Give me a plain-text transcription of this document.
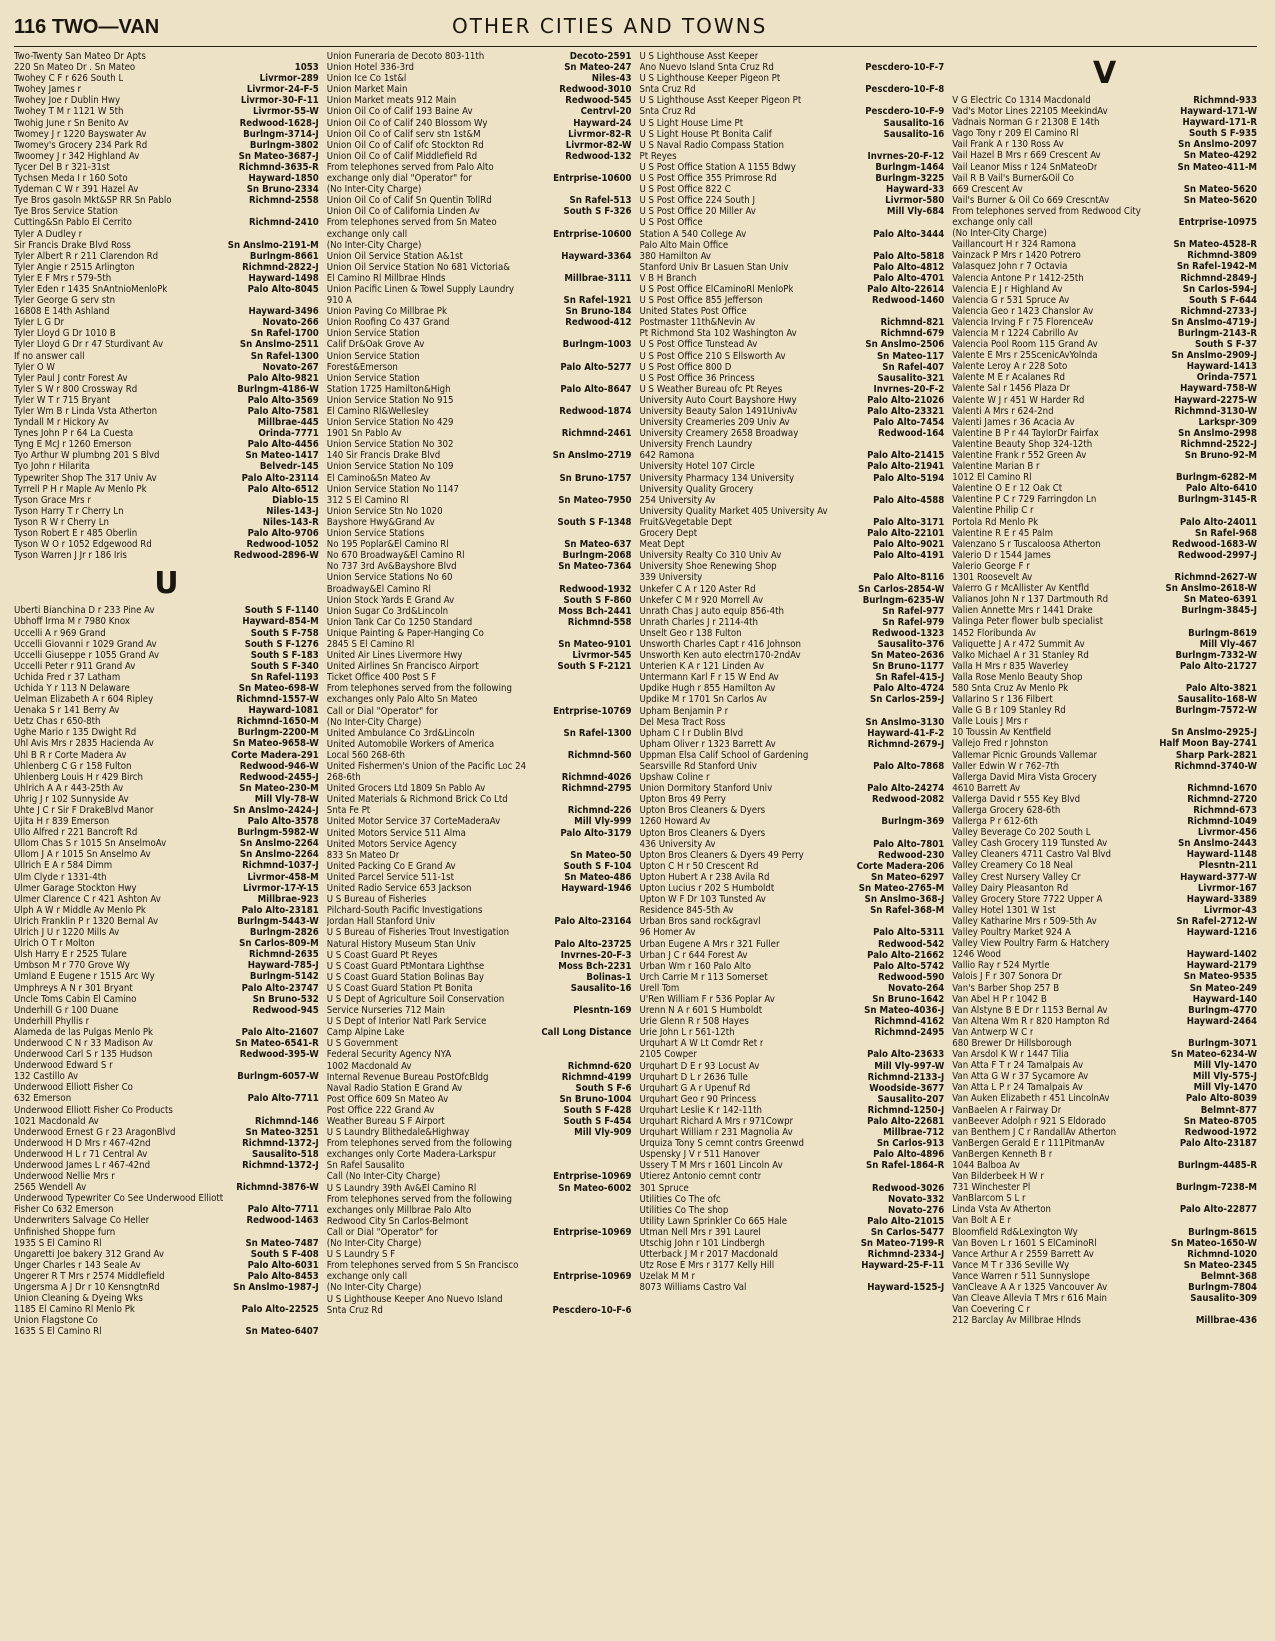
116 TWO—VAN	OTHER CITIES AND TOWNS
Two-Twenty San Mateo Dr Apts
220 Sn Mateo Dr . Sn Mateo	1053
Twohey C F r 626 South L	Livrmor-289
Twohey James r	Livrmor-24-F-5
Twohey Joe r Dublin Hwy	Livrmor-30-F-11
Twohey T M r 1121 W 5th	Livrmor-55-W
Twohig June r Sn Benito Av	Redwood-1628-J
Twomey J r 1220 Bayswater Av	Burlngm-3714-J
Twomey's Grocery 234 Park Rd	Burlngm-3802
Twoomey J r 342 Highland Av	Sn Mateo-3687-J
Tycer Del B r 321-31st	Richmnd-3635-R
Tychsen Meda I r 160 Soto	Hayward-1850
Tydeman C W r 391 Hazel Av	Sn Bruno-2334
Tye Bros gasoln Mkt&SP RR Sn Pablo	Richmnd-2558
Tye Bros Service Station
Cutting&Sn Pablo El Cerrito	Richmnd-2410
Tyler A Dudley r
Sir Francis Drake Blvd Ross	Sn Anslmo-2191-M
Tyler Albert R r 211 Clarendon Rd	Burlngm-8661
Tyler Angie r 2515 Arlington	Richmnd-2822-J
Tyler E F Mrs r 579-5th	Hayward-1498
Tyler Eden r 1435 SnAntnioMenloPk	Palo Alto-8045
Tyler George G serv stn
16808 E 14th Ashland	Hayward-3496
Tyler L G Dr	Novato-266
Tyler Lloyd G Dr 1010 B	Sn Rafel-1700
Tyler Lloyd G Dr r 47 Sturdivant Av	Sn Anslmo-2511
If no answer call	Sn Rafel-1300
Tyler O W	Novato-267
Tyler Paul J contr Forest Av	Palo Alto-9821
Tyler S W r 800 Crossway Rd	Burlngm-4186-W
Tyler W T r 715 Bryant	Palo Alto-3569
Tyler Wm B r Linda Vsta Atherton	Palo Alto-7581
Tyndall M r Hickory Av	Millbrae-445
Tynes John P r 64 La Cuesta	Orinda-7771
Tyng E McJ r 1260 Emerson	Palo Alto-4456
Tyo Arthur W plumbng 201 S Blvd	Sn Mateo-1417
Tyo John r Hilarita	Belvedr-145
Typewriter Shop The 317 Univ Av	Palo Alto-23114
Tyrrell P H r Maple Av Menlo Pk	Palo Alto-6512
Tyson Grace Mrs r	Diablo-15
Tyson Harry T r Cherry Ln	Niles-143-J
Tyson R W r Cherry Ln	Niles-143-R
Tyson Robert E r 485 Oberlin	Palo Alto-9706
Tyson W O r 1052 Edgewood Rd	Redwood-1052
Tyson Warren J Jr r 186 Iris	Redwood-2896-W
U
Uberti Bianchina D r 233 Pine Av	South S F-1140
Ubhoff Irma M r 7980 Knox	Hayward-854-M
Uccelli A r 969 Grand	South S F-758
Uccelli Giovanni r 1029 Grand Av	South S F-1276
Uccelli Giuseppe r 1055 Grand Av	South S F-183
Uccelli Peter r 911 Grand Av	South S F-340
Uchida Fred r 37 Latham	Sn Rafel-1193
Uchida Y r 113 N Delaware	Sn Mateo-698-W
Uelman Elizabeth A r 604 Ripley	Richmnd-1557-W
Uenaka S r 141 Berry Av	Hayward-1081
Uetz Chas r 650-8th	Richmnd-1650-M
Ughe Mario r 135 Dwight Rd	Burlngm-2200-M
Uhl Avis Mrs r 2835 Hacienda Av	Sn Mateo-9658-W
Uhl B R r Corte Madera Av	Corte Madera-291
Uhlenberg C G r 158 Fulton	Redwood-946-W
Uhlenberg Louis H r 429 Birch	Redwood-2455-J
Uhlrich A A r 443-25th Av	Sn Mateo-230-M
Uhrig J r 102 Sunnyside Av	Mill Vly-78-W
Uhte J C r Sir F DrakeBlvd Manor	Sn Anslmo-2424-J
Ujita H r 839 Emerson	Palo Alto-3578
Ullo Alfred r 221 Bancroft Rd	Burlngm-5982-W
Ullom Chas S r 1015 Sn AnselmoAv	Sn Anslmo-2264
Ullom J A r 1015 Sn Anselmo Av	Sn Anslmo-2264
Ullrich E A r 584 Dimm	Richmnd-1037-J
Ulm Clyde r 1331-4th	Livrmor-458-M
Ulmer Garage Stockton Hwy	Livrmor-17-Y-15
Ulmer Clarence C r 421 Ashton Av	Millbrae-923
Ulph A W r Middle Av Menlo Pk	Palo Alto-23181
Ulrich Franklin P r 1320 Bernal Av	Burlngm-5443-W
Ulrich J U r 1220 Mills Av	Burlngm-2826
Ulrich O T r Molton	Sn Carlos-809-M
Ulsh Harry E r 2525 Tulare	Richmnd-2635
Umbson M r 770 Grove Wy	Hayward-785-J
Umland E Eugene r 1515 Arc Wy	Burlngm-5142
Umphreys A N r 301 Bryant	Palo Alto-23747
Uncle Toms Cabin El Camino	Sn Bruno-532
Underhill G r 100 Duane	Redwood-945
Underhill Phyllis r
Alameda de las Pulgas Menlo Pk	Palo Alto-21607
Underwood C N r 33 Madison Av	Sn Mateo-6541-R
Underwood Carl S r 135 Hudson	Redwood-395-W
Underwood Edward S r
132 Castillo Av	Burlngm-6057-W
Underwood Elliott Fisher Co
632 Emerson	Palo Alto-7711
Underwood Elliott Fisher Co Products
1021 Macdonald Av	Richmnd-146
Underwood Ernest G r 23 AragonBlvd	Sn Mateo-3251
Underwood H D Mrs r 467-42nd	Richmnd-1372-J
Underwood H L r 71 Central Av	Sausalito-518
Underwood James L r 467-42nd	Richmnd-1372-J
Underwood Nellie Mrs r
2565 Wendell Av	Richmnd-3876-W
Underwood Typewriter Co See Underwood Elliott
Fisher Co 632 Emerson	Palo Alto-7711
Underwriters Salvage Co Heller	Redwood-1463
Unfinished Shoppe furn
1935 S El Camino Rl	Sn Mateo-7487
Ungaretti Joe bakery 312 Grand Av	South S F-408
Unger Charles r 143 Seale Av	Palo Alto-6031
Ungerer R T Mrs r 2574 Middlefield	Palo Alto-8453
Ungersma A J Dr r 10 KensngtnRd	Sn Anslmo-1987-J
Union Cleaning & Dyeing Wks
1185 El Camino Rl Menlo Pk	Palo Alto-22525
Union Flagstone Co
1635 S El Camino Rl	Sn Mateo-6407
Union Funeraria de Decoto 803-11th	Decoto-2591
Union Hotel 336-3rd	Sn Mateo-247
Union Ice Co 1st&l	Niles-43
Union Market Main	Redwood-3010
Union Market meats 912 Main	Redwood-545
Union Oil Co of Calif 193 Baine Av	Centrvl-20
Union Oil Co of Calif 240 Blossom Wy	Hayward-24
Union Oil Co of Calif serv stn 1st&M	Livrmor-82-R
Union Oil Co of Calif ofc Stockton Rd	Livrmor-82-W
Union Oil Co of Calif Middlefield Rd	Redwood-132
From telephones served from Palo Alto
exchange only dial "Operator" for	Entrprise-10600
(No Inter-City Charge)
Union Oil Co of Calif Sn Quentin TollRd	Sn Rafel-513
Union Oil Co of California Linden Av	South S F-326
From telephones served from Sn Mateo
exchange only call	Entrprise-10600
(No Inter-City Charge)
Union Oil Service Station A&1st	Hayward-3364
Union Oil Service Station No 681 Victoria&
El Camino Rl Millbrae Hlnds	Millbrae-3111
Union Pacific Linen & Towel Supply Laundry
910 A	Sn Rafel-1921
Union Paving Co Millbrae Pk	Sn Bruno-184
Union Roofing Co 437 Grand	Redwood-412
Union Service Station
Calif Dr&Oak Grove Av	Burlngm-1003
Union Service Station
Forest&Emerson	Palo Alto-5277
Union Service Station
Station 1725 Hamilton&High	Palo Alto-8647
Union Service Station No 915
El Camino Rl&Wellesley	Redwood-1874
Union Service Station No 429
1901 Sn Pablo Av	Richmnd-2461
Union Service Station No 302
140 Sir Francis Drake Blvd	Sn Anslmo-2719
Union Service Station No 109
El Camino&Sn Mateo Av	Sn Bruno-1757
Union Service Station No 1147
312 S El Camino Rl	Sn Mateo-7950
Union Service Stn No 1020
Bayshore Hwy&Grand Av	South S F-1348
Union Service Stations
No 195 Poplar&El Camino Rl	Sn Mateo-637
No 670 Broadway&El Camino Rl	Burlngm-2068
No 737 3rd Av&Bayshore Blvd	Sn Mateo-7364
Union Service Stations No 60
Broadway&El Camino Rl	Redwood-1932
Union Stock Yards E Grand Av	South S F-860
Union Sugar Co 3rd&Lincoln	Moss Bch-2441
Union Tank Car Co 1250 Standard	Richmnd-558
Unique Painting & Paper-Hanging Co
2845 S El Camino Rl	Sn Mateo-9101
United Air Lines Livermore Hwy	Livrmor-545
United Airlines Sn Francisco Airport	South S F-2121
Ticket Office 400 Post S F
From telephones served from the following
exchanges only Palo Alto Sn Mateo
Call or Dial "Operator" for	Entrprise-10769
(No Inter-City Charge)
United Ambulance Co 3rd&Lincoln	Sn Rafel-1300
United Automobile Workers of America
Local 560 268-6th	Richmnd-560
United Fishermen's Union of the Pacific Loc 24
268-6th	Richmnd-4026
United Grocers Ltd 1809 Sn Pablo Av	Richmnd-2795
United Materials & Richmond Brick Co Ltd
Snta Fe Pt	Richmnd-226
United Motor Service 37 CorteMaderaAv	Mill Vly-999
United Motors Service 511 Alma	Palo Alto-3179
United Motors Service Agency
833 Sn Mateo Dr	Sn Mateo-50
United Packing Co E Grand Av	South S F-104
United Parcel Service 511-1st	Sn Mateo-486
United Radio Service 653 Jackson	Hayward-1946
U S Bureau of Fisheries
Pilchard-South Pacific Investigations
Jordan Hall Stanford Univ	Palo Alto-23164
U S Bureau of Fisheries Trout Investigation
Natural History Museum Stan Univ	Palo Alto-23725
U S Coast Guard Pt Reyes	Invrnes-20-F-3
U S Coast Guard PtMontara Lighthse	Moss Bch-2231
U S Coast Guard Station Bolinas Bay	Bolinas-1
U S Coast Guard Station Pt Bonita	Sausalito-16
U S Dept of Agriculture Soil Conservation
Service Nurseries 712 Main	Plesntn-169
U S Dept of Interior Natl Park Service
Camp Alpine Lake	Call Long Distance
U S Government
Federal Security Agency NYA
1002 Macdonald Av	Richmnd-620
Internal Revenue Bureau PostOfcBldg	Richmnd-4199
Naval Radio Station E Grand Av	South S F-6
Post Office 609 Sn Mateo Av	Sn Bruno-1004
Post Office 222 Grand Av	South S F-428
Weather Bureau S F Airport	South S F-454
U S Laundry Blithedale&Highway	Mill Vly-909
From telephones served from the following
exchanges only Corte Madera-Larkspur
Sn Rafel Sausalito
Call (No Inter-City Charge)	Entrprise-10969
U S Laundry 39th Av&El Camino Rl	Sn Mateo-6002
From telephones served from the following
exchanges only Millbrae Palo Alto
Redwood City Sn Carlos-Belmont
Call or Dial "Operator" for	Entrprise-10969
(No Inter-City Charge)
U S Laundry S F
From telephones served from S Sn Francisco
exchange only call	Entrprise-10969
(No Inter-City Charge)
U S Lighthouse Keeper Ano Nuevo Island
Snta Cruz Rd	Pescdero-10-F-6
U S Lighthouse Asst Keeper
Ano Nuevo Island Snta Cruz Rd	Pescdero-10-F-7
U S Lighthouse Keeper Pigeon Pt
Snta Cruz Rd	Pescdero-10-F-8
U S Lighthouse Asst Keeper Pigeon Pt
Snta Cruz Rd	Pescdero-10-F-9
U S Light House Lime Pt	Sausalito-16
U S Light House Pt Bonita Calif	Sausalito-16
U S Naval Radio Compass Station
Pt Reyes	Invrnes-20-F-12
U S Post Office Station A 1155 Bdwy	Burlngm-1464
U S Post Office 355 Primrose Rd	Burlngm-3225
U S Post Office 822 C	Hayward-33
U S Post Office 224 South J	Livrmor-580
U S Post Office 20 Miller Av	Mill Vly-684
U S Post Office
Station A 540 College Av	Palo Alto-3444
Palo Alto Main Office
380 Hamilton Av	Palo Alto-5818
Stanford Univ Br Lasuen Stan Univ	Palo Alto-4812
V B H Branch	Palo Alto-4701
U S Post Office ElCaminoRl MenloPk	Palo Alto-22614
U S Post Office 855 Jefferson	Redwood-1460
United States Post Office
Postmaster 11th&Nevin Av	Richmnd-821
Pt Richmond Sta 102 Washington Av	Richmnd-679
U S Post Office Tunstead Av	Sn Anslmo-2506
U S Post Office 210 S Ellsworth Av	Sn Mateo-117
U S Post Office 800 D	Sn Rafel-407
U S Post Office 36 Princess	Sausalito-321
U S Weather Bureau ofc Pt Reyes	Invrnes-20-F-2
University Auto Court Bayshore Hwy	Palo Alto-21026
University Beauty Salon 1491UnivAv	Palo Alto-23321
University Creameries 209 Univ Av	Palo Alto-7454
University Creamery 2658 Broadway	Redwood-164
University French Laundry
642 Ramona	Palo Alto-21415
University Hotel 107 Circle	Palo Alto-21941
University Pharmacy 134 University	Palo Alto-5194
University Quality Grocery
254 University Av	Palo Alto-4588
University Quality Market 405 University Av
Fruit&Vegetable Dept	Palo Alto-3171
Grocery Dept	Palo Alto-22101
Meat Dept	Palo Alto-9021
University Realty Co 310 Univ Av	Palo Alto-4191
University Shoe Renewing Shop
339 University	Palo Alto-8116
Unkefer C A r 120 Aster Rd	Sn Carlos-2854-W
Unkefer C M r 920 Morrell Av	Burlngm-6235-W
Unrath Chas J auto equip 856-4th	Sn Rafel-977
Unrath Charles J r 2114-4th	Sn Rafel-979
Unselt Geo r 138 Fulton	Redwood-1323
Unsworth Charles Capt r 416 Johnson	Sausalito-376
Unsworth Ken auto electrn170-2ndAv	Sn Mateo-2636
Unterien K A r 121 Linden Av	Sn Bruno-1177
Untermann Karl F r 15 W End Av	Sn Rafel-415-J
Updike Hugh r 855 Hamilton Av	Palo Alto-4724
Updike M r 1701 Sn Carlos Av	Sn Carlos-259-J
Upham Benjamin P r
Del Mesa Tract Ross	Sn Anslmo-3130
Upham C I r Dublin Blvd	Hayward-41-F-2
Upham Oliver r 1323 Barrett Av	Richmnd-2679-J
Uppman Elsa Calif School of Gardening
Searsville Rd Stanford Univ	Palo Alto-7868
Upshaw Coline r
Union Dormitory Stanford Univ	Palo Alto-24274
Upton Bros 49 Perry	Redwood-2082
Upton Bros Cleaners & Dyers
1260 Howard Av	Burlngm-369
Upton Bros Cleaners & Dyers
436 University Av	Palo Alto-7801
Upton Bros Cleaners & Dyers 49 Perry	Redwood-230
Upton C H r 50 Crescent Rd	Corte Madera-206
Upton Hubert A r 238 Avila Rd	Sn Mateo-6297
Upton Lucius r 202 S Humboldt	Sn Mateo-2765-M
Upton W F Dr 103 Tunsted Av	Sn Anslmo-368-J
Residence 845-5th Av	Sn Rafel-368-M
Urban Bros sand rock&gravl
96 Homer Av	Palo Alto-5311
Urban Eugene A Mrs r 321 Fuller	Redwood-542
Urban J C r 644 Forest Av	Palo Alto-21662
Urban Wm r 160 Palo Alto	Palo Alto-5742
Urch Carrie M r 113 Somerset	Redwood-590
Urell Tom	Novato-264
U'Ren William F r 536 Poplar Av	Sn Bruno-1642
Urenn N A r 601 S Humboldt	Sn Mateo-4036-J
Urie Glenn R r 508 Hayes	Richmnd-4162
Urie John L r 561-12th	Richmnd-2495
Urquhart A W Lt Comdr Ret r
2105 Cowper	Palo Alto-23633
Urquhart D E r 93 Locust Av	Mill Vly-997-W
Urquhart D L r 2636 Tulle	Richmnd-2133-J
Urquhart G A r Upenuf Rd	Woodside-3677
Urquhart Geo r 90 Princess	Sausalito-207
Urquhart Leslie K r 142-11th	Richmnd-1250-J
Urquhart Richard A Mrs r 971Cowpr	Palo Alto-22681
Urquhart William r 231 Magnolia Av	Millbrae-712
Urquiza Tony S cemnt contrs Greenwd	Sn Carlos-913
Uspensky J V r 511 Hanover	Palo Alto-4896
Ussery T M Mrs r 1601 Lincoln Av	Sn Rafel-1864-R
Utierez Antonio cemnt contr
301 Spruce	Redwood-3026
Utilities Co The ofc	Novato-332
Utilities Co The shop	Novato-276
Utility Lawn Sprinkler Co 665 Hale	Palo Alto-21015
Utman Nell Mrs r 391 Laurel	Sn Carlos-5477
Utschig John r 101 Lindbergh	Sn Mateo-7199-R
Utterback J M r 2017 Macdonald	Richmnd-2334-J
Utz Rose E Mrs r 3177 Kelly Hill	Hayward-25-F-11
Uzelak M M r
8073 Williams Castro Val	Hayward-1525-J
V
V G Electric Co 1314 Macdonald	Richmnd-933
Vad's Motor Lines 22105 MeekindAv	Hayward-171-W
Vadnais Norman G r 21308 E 14th	Hayward-171-R
Vago Tony r 209 El Camino Rl	South S F-935
Vail Frank A r 130 Ross Av	Sn Anslmo-2097
Vail Hazel B Mrs r 669 Crescent Av	Sn Mateo-4292
Vail Leanor Miss r 124 SnMateoDr	Sn Mateo-411-M
Vail R B Vail's Burner&Oil Co
669 Crescent Av	Sn Mateo-5620
Vail's Burner & Oil Co 669 CrescntAv	Sn Mateo-5620
From telephones served from Redwood City
exchange only call	Entrprise-10975
(No Inter-City Charge)
Vaillancourt H r 324 Ramona	Sn Mateo-4528-R
Vainzack P Mrs r 1420 Potrero	Richmnd-3809
Valasquez John r 7 Octavia	Sn Rafel-1942-M
Valencia Antone P r 1412-25th	Richmnd-2849-J
Valencia E J r Highland Av	Sn Carlos-594-J
Valencia G r 531 Spruce Av	South S F-644
Valencia Geo r 1423 Chanslor Av	Richmnd-2733-J
Valencia Irving F r 75 FlorenceAv	Sn Anslmo-4719-J
Valencia M r 1224 Cabrillo Av	Burlngm-2143-R
Valencia Pool Room 115 Grand Av	South S F-37
Valente E Mrs r 25ScenicAvYolnda	Sn Anslmo-2909-J
Valente Leroy A r 228 Soto	Hayward-1413
Valente M E r Acalanes Rd	Orinda-7571
Valente Sal r 1456 Plaza Dr	Hayward-758-W
Valente W J r 451 W Harder Rd	Hayward-2275-W
Valenti A Mrs r 624-2nd	Richmnd-3130-W
Valenti James r 36 Acacia Av	Larkspr-309
Valentine B P r 44 TaylorDr Fairfax	Sn Anslmo-2998
Valentine Beauty Shop 324-12th	Richmnd-2522-J
Valentine Frank r 552 Green Av	Sn Bruno-92-M
Valentine Marian B r
1012 El Camino Rl	Burlngm-6282-M
Valentine O E r 12 Oak Ct	Palo Alto-6410
Valentine P C r 729 Farringdon Ln	Burlngm-3145-R
Valentine Philip C r
Portola Rd Menlo Pk	Palo Alto-24011
Valentine R E r 45 Palm	Sn Rafel-968
Valenzano S r Tuscaloosa Atherton	Redwood-1683-W
Valerio D r 1544 James	Redwood-2997-J
Valerio George F r
1301 Roosevelt Av	Richmnd-2627-W
Valerro G r McAllister Av Kentfld	Sn Anslmo-2618-W
Valianos John N r 137 Dartmouth Rd	Sn Mateo-6391
Valien Annette Mrs r 1441 Drake	Burlngm-3845-J
Valinga Peter flower bulb specialist
1452 Floribunda Av	Burlngm-8619
Valiquette J A r 472 Summit Av	Mill Vly-467
Valko Michael A r 31 Stanley Rd	Burlngm-7332-W
Valla H Mrs r 835 Waverley	Palo Alto-21727
Valla Rose Menlo Beauty Shop
580 Snta Cruz Av Menlo Pk	Palo Alto-3821
Vallarino S r 136 Filbert	Sausalito-168-W
Valle G B r 109 Stanley Rd	Burlngm-7572-W
Valle Louis J Mrs r
10 Toussin Av Kentfield	Sn Anslmo-2925-J
Vallejo Fred r Johnston	Half Moon Bay-2741
Vallemar Picnic Grounds Vallemar	Sharp Park-2821
Valler Edwin W r 762-7th	Richmnd-3740-W
Vallerga David Mira Vista Grocery
4610 Barrett Av	Richmnd-1670
Vallerga David r 555 Key Blvd	Richmnd-2720
Vallerga Grocery 628-6th	Richmnd-673
Vallerga P r 612-6th	Richmnd-1049
Valley Beverage Co 202 South L	Livrmor-456
Valley Cash Grocery 119 Tunsted Av	Sn Anslmo-2443
Valley Cleaners 4711 Castro Val Blvd	Hayward-1148
Valley Creamery Co 18 Neal	Plesntn-211
Valley Crest Nursery Valley Cr	Hayward-377-W
Valley Dairy Pleasanton Rd	Livrmor-167
Valley Grocery Store 7722 Upper A	Hayward-3389
Valley Hotel 1301 W 1st	Livrmor-43
Valley Katharine Mrs r 509-5th Av	Sn Rafel-2712-W
Valley Poultry Market 924 A	Hayward-1216
Valley View Poultry Farm & Hatchery
1246 Wood	Hayward-1402
Vallio Ray r 524 Myrtle	Hayward-2179
Valois J F r 307 Sonora Dr	Sn Mateo-9535
Van's Barber Shop 257 B	Sn Mateo-249
Van Abel H P r 1042 B	Hayward-140
Van Alstyne B E Dr r 1153 Bernal Av	Burlngm-4770
Van Altena Wm R r 820 Hampton Rd	Hayward-2464
Van Antwerp W C r
680 Brewer Dr Hillsborough	Burlngm-3071
Van Arsdol K W r 1447 Tilia	Sn Mateo-6234-W
Van Atta F T r 24 Tamalpais Av	Mill Vly-1470
Van Atta G W r 37 Sycamore Av	Mill Vly-575-J
Van Atta L P r 24 Tamalpais Av	Mill Vly-1470
Van Auken Elizabeth r 451 LincolnAv	Palo Alto-8039
VanBaelen A r Fairway Dr	Belmnt-877
vanBeever Adolph r 921 S Eldorado	Sn Mateo-8705
van Benthem J C r RandallAv Atherton	Redwood-1972
VanBergen Gerald E r 111PitmanAv	Palo Alto-23187
VanBergen Kenneth B r
1044 Balboa Av	Burlngm-4485-R
Van Bilderbeek H W r
731 Winchester Pl	Burlngm-7238-M
VanBlarcom S L r
Linda Vsta Av Atherton	Palo Alto-22877
Van Bolt A E r
Bloomfield Rd&Lexington Wy	Burlngm-8615
Van Boven L r 1601 S ElCaminoRl	Sn Mateo-1650-W
Vance Arthur A r 2559 Barrett Av	Richmnd-1020
Vance M T r 336 Seville Wy	Sn Mateo-2345
Vance Warren r 511 Sunnyslope	Belmnt-368
VanCleave A A r 1325 Vancouver Av	Burlngm-7804
Van Cleave Allevia T Mrs r 616 Main	Sausalito-309
Van Coevering C r
212 Barclay Av Millbrae Hlnds	Millbrae-436
